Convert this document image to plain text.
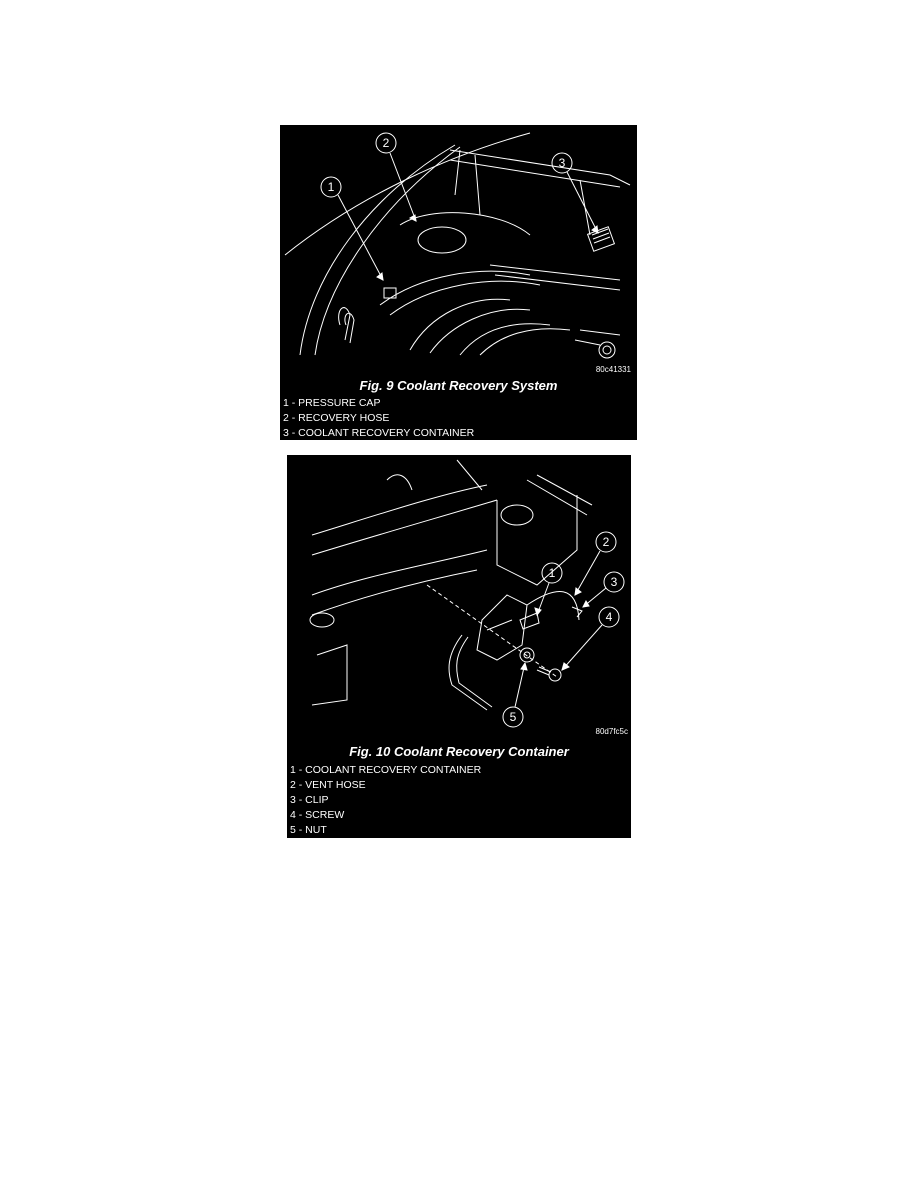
1
2
3
80c41331
Fig. 9 Coolant Recovery System
1 - PRESSURE CAP
2 - RECOVERY HOSE
3 - COOLANT RECOVERY CONTAINER
1
2
3
4
5
80d7fc5c
Fig. 10 Coolant Recovery Container
1 - COOLANT RECOVERY CONTAINER
2 - VENT HOSE
3 - CLIP
4 - SCREW
5 - NUT
